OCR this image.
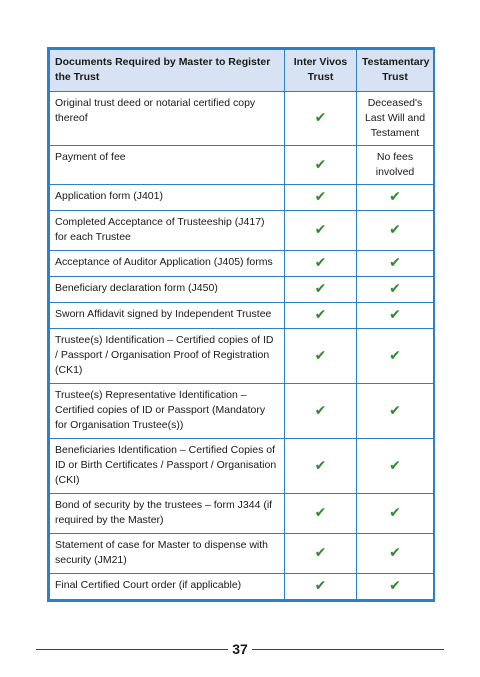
Documents Required by Master to Register the Trust	Inter Vivos Trust	Testamentary Trust
Original trust deed or notarial certified copy thereof	✔	Deceased's Last Will and Testament
Payment of fee	✔	No fees involved
Application form (J401)	✔	✔
Completed Acceptance of Trusteeship (J417) for each Trustee	✔	✔
Acceptance of Auditor Application (J405) forms	✔	✔
Beneficiary declaration form (J450)	✔	✔
Sworn Affidavit signed by Independent Trustee	✔	✔
Trustee(s) Identification – Certified copies of ID / Passport / Organisation Proof of Registration (CK1)	✔	✔
Trustee(s) Representative Identification – Certified copies of ID or Passport (Mandatory for Organisation Trustee(s))	✔	✔
Beneficiaries Identification – Certified Copies of ID or Birth Certificates / Passport / Organisation (CKI)	✔	✔
Bond of security by the trustees – form J344 (if required by the Master)	✔	✔
Statement of case for Master to dispense with security (JM21)	✔	✔
Final Certified Court order (if applicable)	✔	✔
37
